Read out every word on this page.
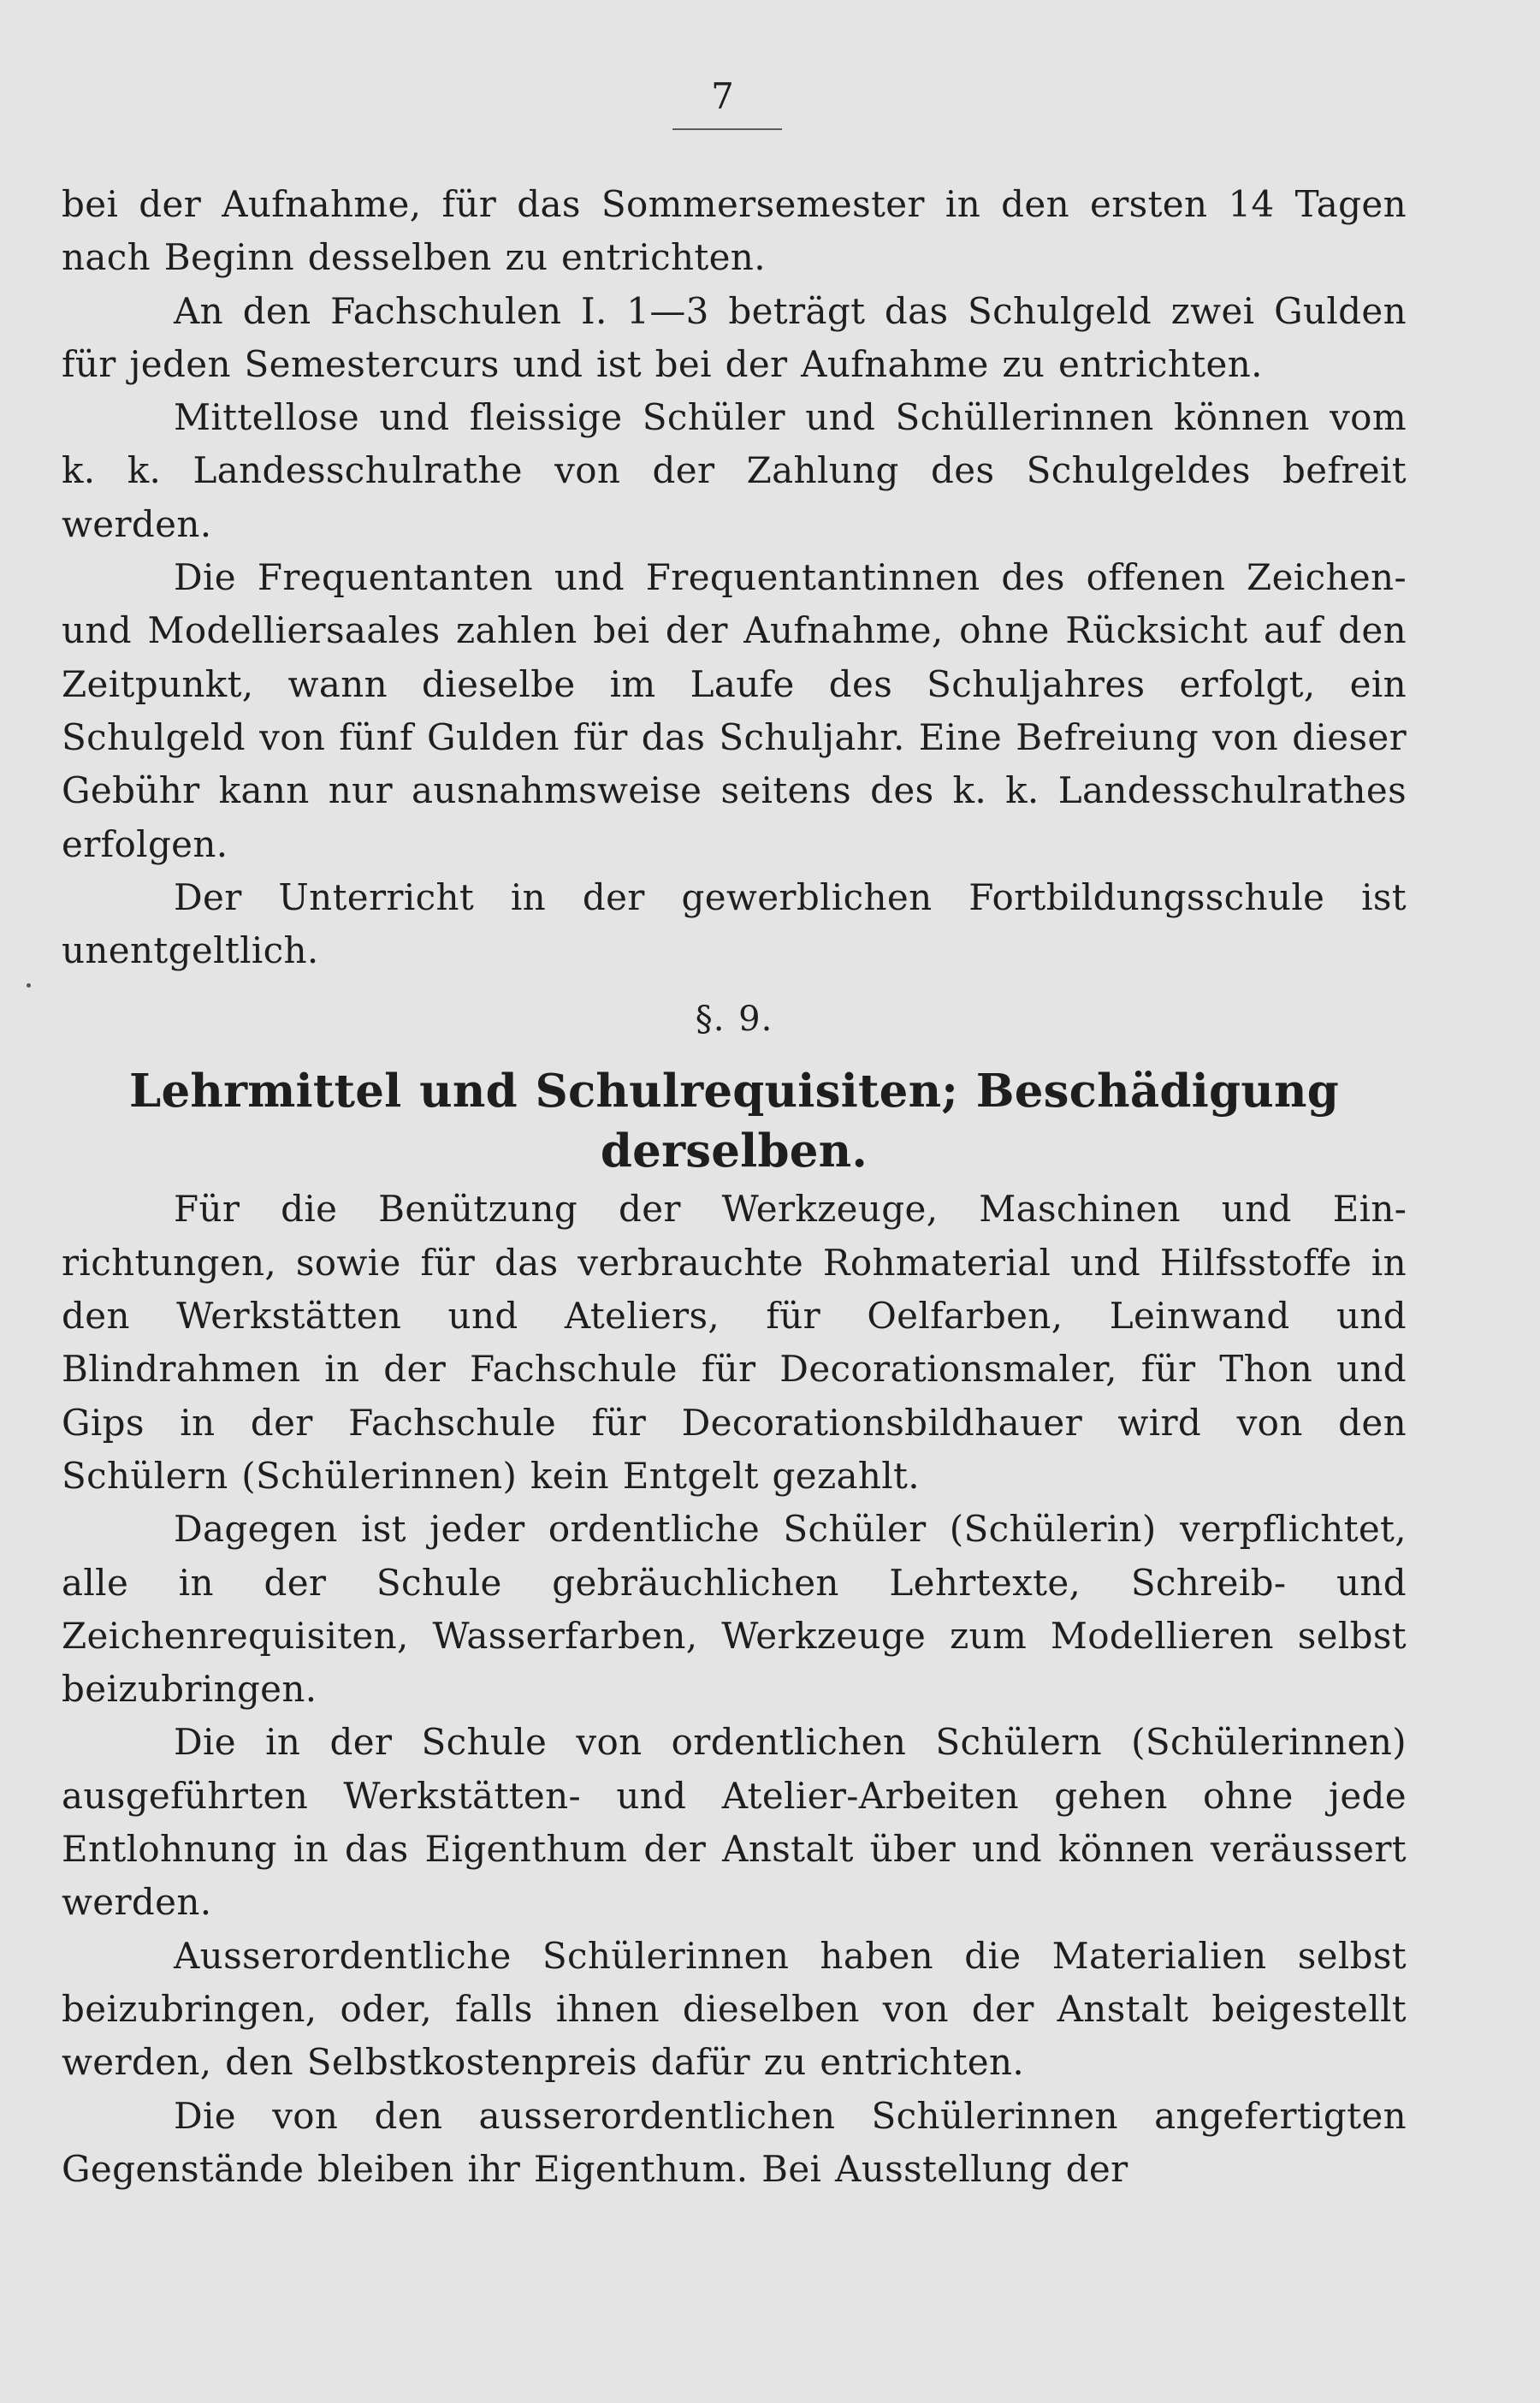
7

bei der Aufnahme, für das Sommersemester in den ersten 14 Tagen nach Beginn desselben zu entrichten.

An den Fachschulen I. 1—3 beträgt das Schulgeld zwei Gulden für jeden Semestercurs und ist bei der Aufnahme zu entrichten.

Mittellose und fleissige Schüler und Schüllerinnen können vom k. k. Landesschulrathe von der Zahlung des Schulgeldes befreit werden.

Die Frequentanten und Frequentantinnen des offenen Zeichen- und Modelliersaales zahlen bei der Aufnahme, ohne Rücksicht auf den Zeitpunkt, wann dieselbe im Laufe des Schuljahres erfolgt, ein Schulgeld von fünf Gulden für das Schuljahr. Eine Befreiung von dieser Gebühr kann nur ausnahmsweise seitens des k. k. Landesschulrathes erfolgen.

Der Unterricht in der gewerblichen Fortbildungsschule ist unentgeltlich.

§. 9.

Lehrmittel und Schulrequisiten; Beschädigung derselben.

Für die Benützung der Werkzeuge, Maschinen und Einrichtungen, sowie für das verbrauchte Rohmaterial und Hilfsstoffe in den Werkstätten und Ateliers, für Oelfarben, Leinwand und Blindrahmen in der Fachschule für Decorationsmaler, für Thon und Gips in der Fachschule für Decorationsbildhauer wird von den Schülern (Schülerinnen) kein Entgelt gezahlt.

Dagegen ist jeder ordentliche Schüler (Schülerin) verpflichtet, alle in der Schule gebräuchlichen Lehrtexte, Schreib- und Zeichenrequisiten, Wasserfarben, Werkzeuge zum Modellieren selbst beizubringen.

Die in der Schule von ordentlichen Schülern (Schülerinnen) ausgeführten Werkstätten- und Atelier-Arbeiten gehen ohne jede Entlohnung in das Eigenthum der Anstalt über und können veräussert werden.

Ausserordentliche Schülerinnen haben die Materialien selbst beizubringen, oder, falls ihnen dieselben von der Anstalt beigestellt werden, den Selbstkostenpreis dafür zu entrichten.

Die von den ausserordentlichen Schülerinnen angefertigten Gegenstände bleiben ihr Eigenthum. Bei Ausstellung der
